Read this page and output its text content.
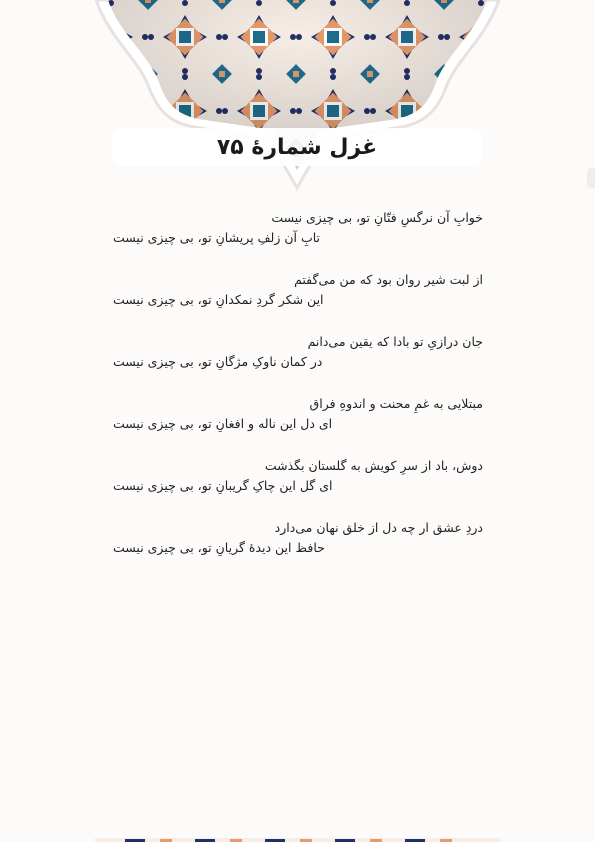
غزل شمارهٔ ۷۵
خوابِ آن نرگسِ فتّانِ تو، بی چیزی نیست
تابِ آن زلفِ پریشانِ تو، بی چیزی نیست
از لبت شیر روان بود که من می‌گفتم
این شکر گردِ نمکدانِ تو، بی چیزی نیست
جان درازیِ تو بادا که یقین می‌دانم
در کمان ناوکِ مژگانِ تو، بی چیزی نیست
مبتلایی به غمِ محنت و اندوهِ فراق
ای دل این ناله و افغانِ تو، بی چیزی نیست
دوش، باد از سرِ کویش به گلستان بگذشت
ای گل این چاکِ گریبانِ تو، بی چیزی نیست
دردِ عشق ار چه دل از خلق نهان می‌دارد
حافظ این دیدهٔ گریانِ تو، بی چیزی نیست
